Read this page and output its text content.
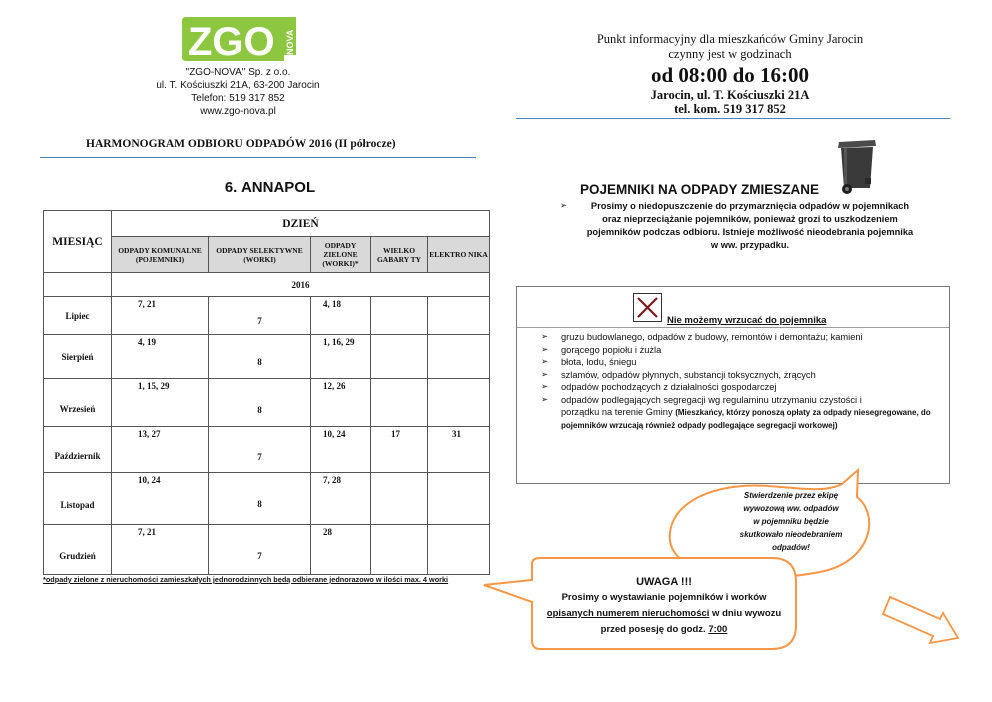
ZGO NOVA
"ZGO-NOVA" Sp. z o.o.
ul. T. Kościuszki 21A, 63-200 Jarocin
Telefon: 519 317 852
www.zgo-nova.pl
Punkt informacyjny dla mieszkańców Gminy Jarocin
czynny jest w godzinach
od 08:00 do 16:00
Jarocin, ul. T. Kościuszki 21A
tel. kom. 519 317 852
HARMONOGRAM ODBIORU ODPADÓW 2016 (II półrocze)
6. ANNAPOL
MIESIĄC	DZIEŃ				
	ODPADY KOMUNALNE (POJEMNIKI)	ODPADY SELEKTYWNE (WORKI)	ODPADY ZIELONE (WORKI)*	WIELKO GABARY TY	ELEKTRO NIKA
	2016				
Lipiec	7, 21	7	4, 18		
Sierpień	4, 19	8	1, 16, 29		
Wrzesień	1, 15, 29	8	12, 26		
Październik	13, 27	7	10, 24	17	31
Listopad	10, 24	8	7, 28		
Grudzień	7, 21	7	28		
*odpady zielone z nieruchomości zamieszkałych jednorodzinnych będą odbierane jednorazowo w ilości max. 4 worki
POJEMNIKI NA ODPADY ZMIESZANE
➢	Prosimy o niedopuszczenie do przymarznięcia odpadów w pojemnikach
oraz nieprzeciążanie pojemników, ponieważ grozi to uszkodzeniem
pojemników podczas odbioru. Istnieje możliwość nieodebrania pojemnika
w ww. przypadku.
Nie możemy wrzucać do pojemnika
➢ gruzu budowlanego, odpadów z budowy, remontów i demontażu; kamieni
➢ gorącego popiołu i żużla
➢ błota, lodu, śniegu
➢ szlamów, odpadów płynnych, substancji toksycznych, żrących
➢ odpadów pochodzących z działalności gospodarczej
➢ odpadów podlegających segregacji wg regulaminu utrzymaniu czystości i
porządku na terenie Gminy (Mieszkańcy, którzy ponoszą opłaty za odpady niesegregowane, do pojemników wrzucają również odpady podlegające segregacji workowej)
Stwierdzenie przez ekipę
wywozową ww. odpadów
w pojemniku będzie
skutkowało nieodebraniem
odpadów!
UWAGA !!!
Prosimy o wystawianie pojemników i worków
opisanych numerem nieruchomości w dniu wywozu
przed posesję do godz. 7:00
